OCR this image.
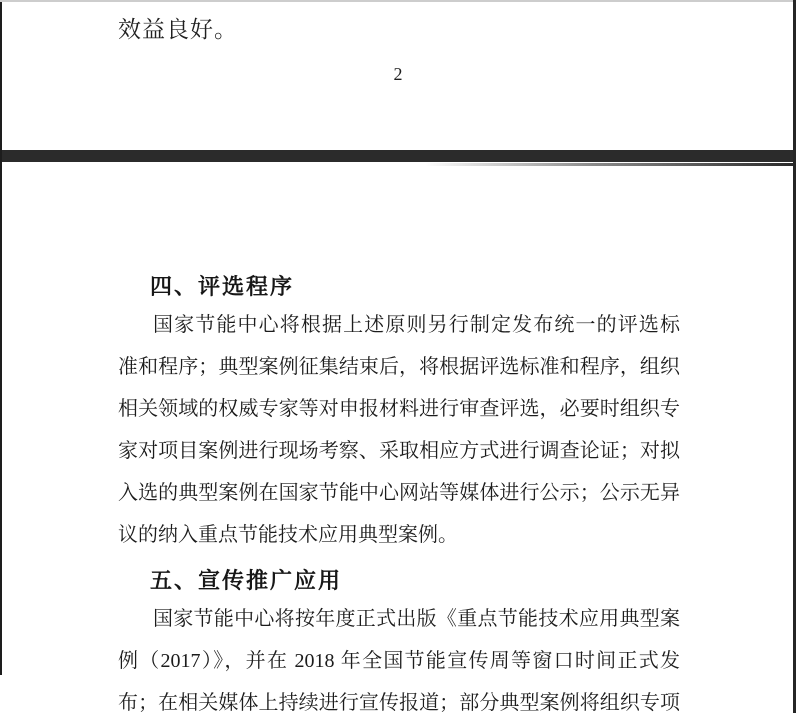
效益良好。
2
四、评选程序
国家节能中心将根据上述原则另行制定发布统一的评选标
准和程序；典型案例征集结束后，将根据评选标准和程序，组织
相关领域的权威专家等对申报材料进行审查评选，必要时组织专
家对项目案例进行现场考察、采取相应方式进行调查论证；对拟
入选的典型案例在国家节能中心网站等媒体进行公示；公示无异
议的纳入重点节能技术应用典型案例。
五、宣传推广应用
国家节能中心将按年度正式出版《重点节能技术应用典型案
例（2017）》，并在 2018 年全国节能宣传周等窗口时间正式发
布；在相关媒体上持续进行宣传报道；部分典型案例将组织专项
